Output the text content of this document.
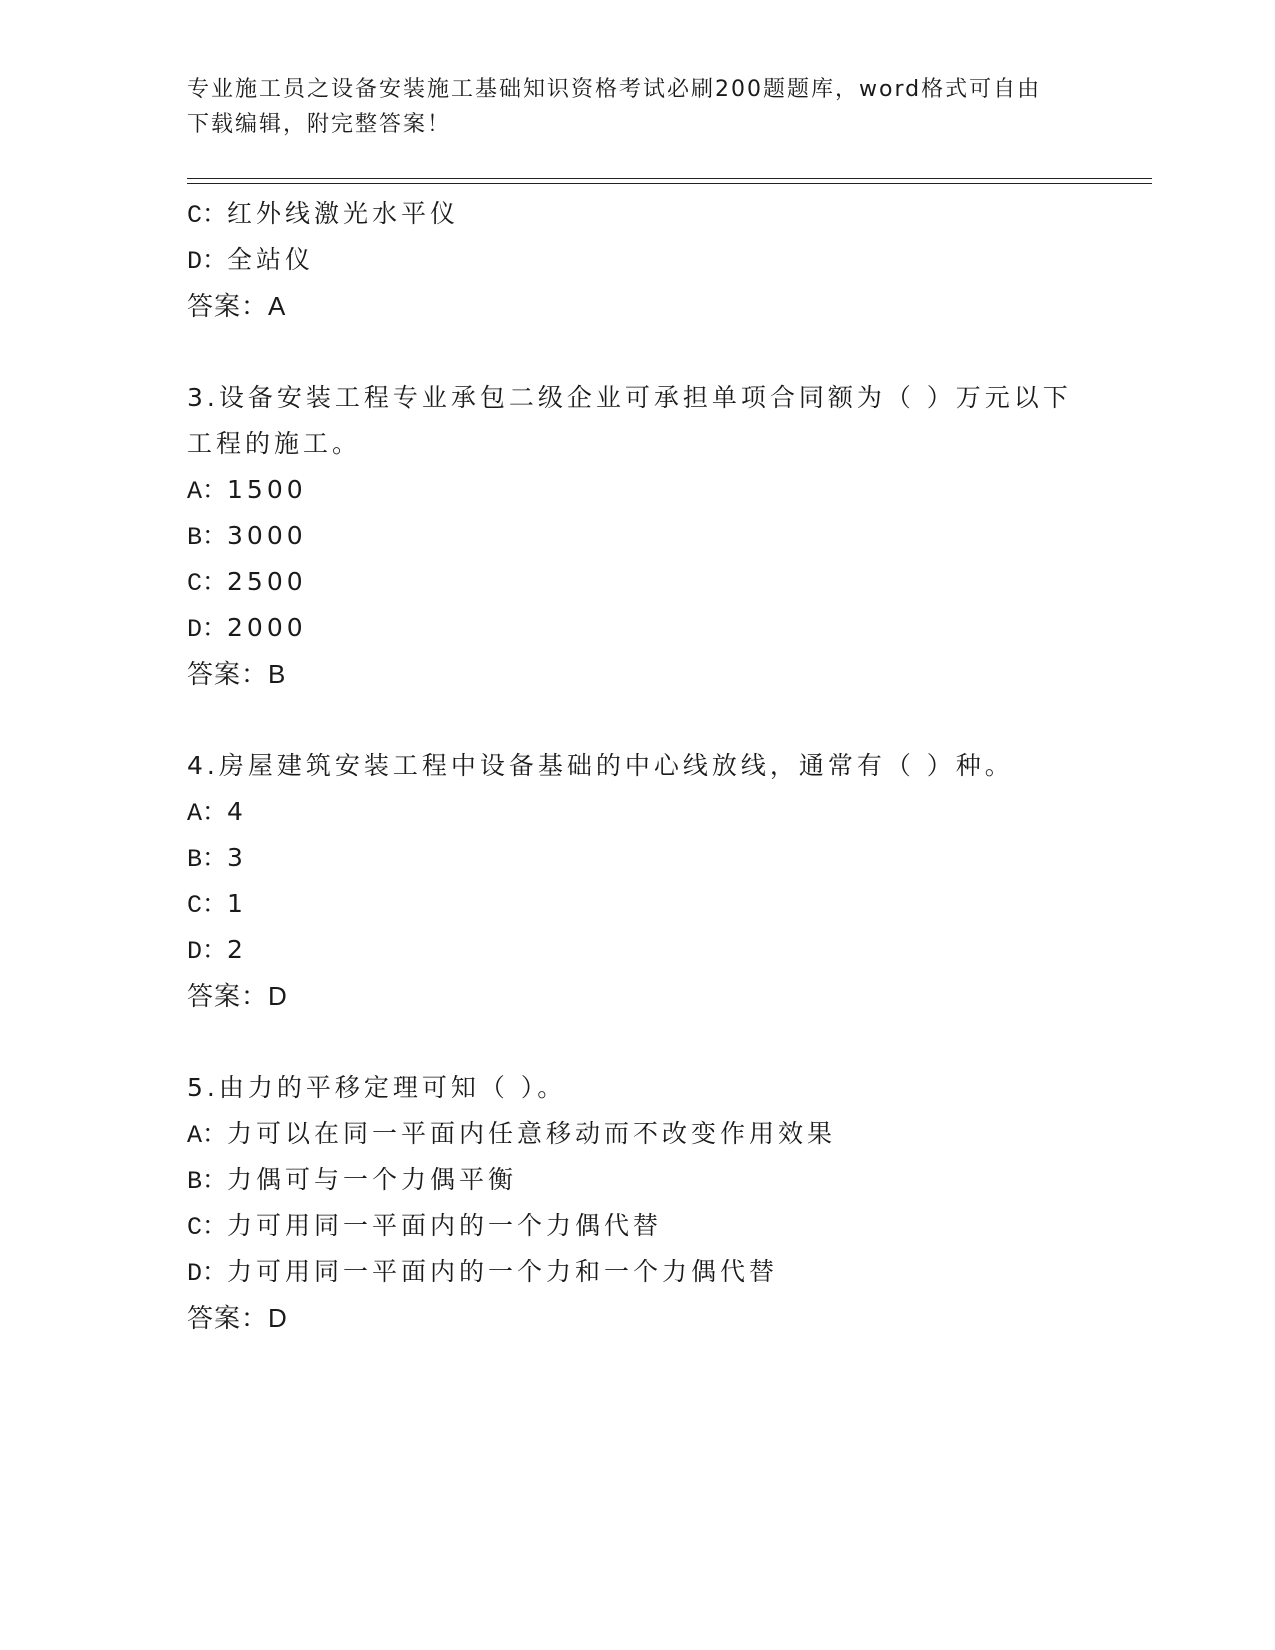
专业施工员之设备安装施工基础知识资格考试必刷200题题库，word格式可自由
下载编辑，附完整答案！
C：红外线激光水平仪
D：全站仪
答案：A
3.设备安装工程专业承包二级企业可承担单项合同额为（ ）万元以下
工程的施工。
A：1500
B：3000
C：2500
D：2000
答案：B
4.房屋建筑安装工程中设备基础的中心线放线，通常有（ ）种。
A：4
B：3
C：1
D：2
答案：D
5.由力的平移定理可知（ ）。
A：力可以在同一平面内任意移动而不改变作用效果
B：力偶可与一个力偶平衡
C：力可用同一平面内的一个力偶代替
D：力可用同一平面内的一个力和一个力偶代替
答案：D
